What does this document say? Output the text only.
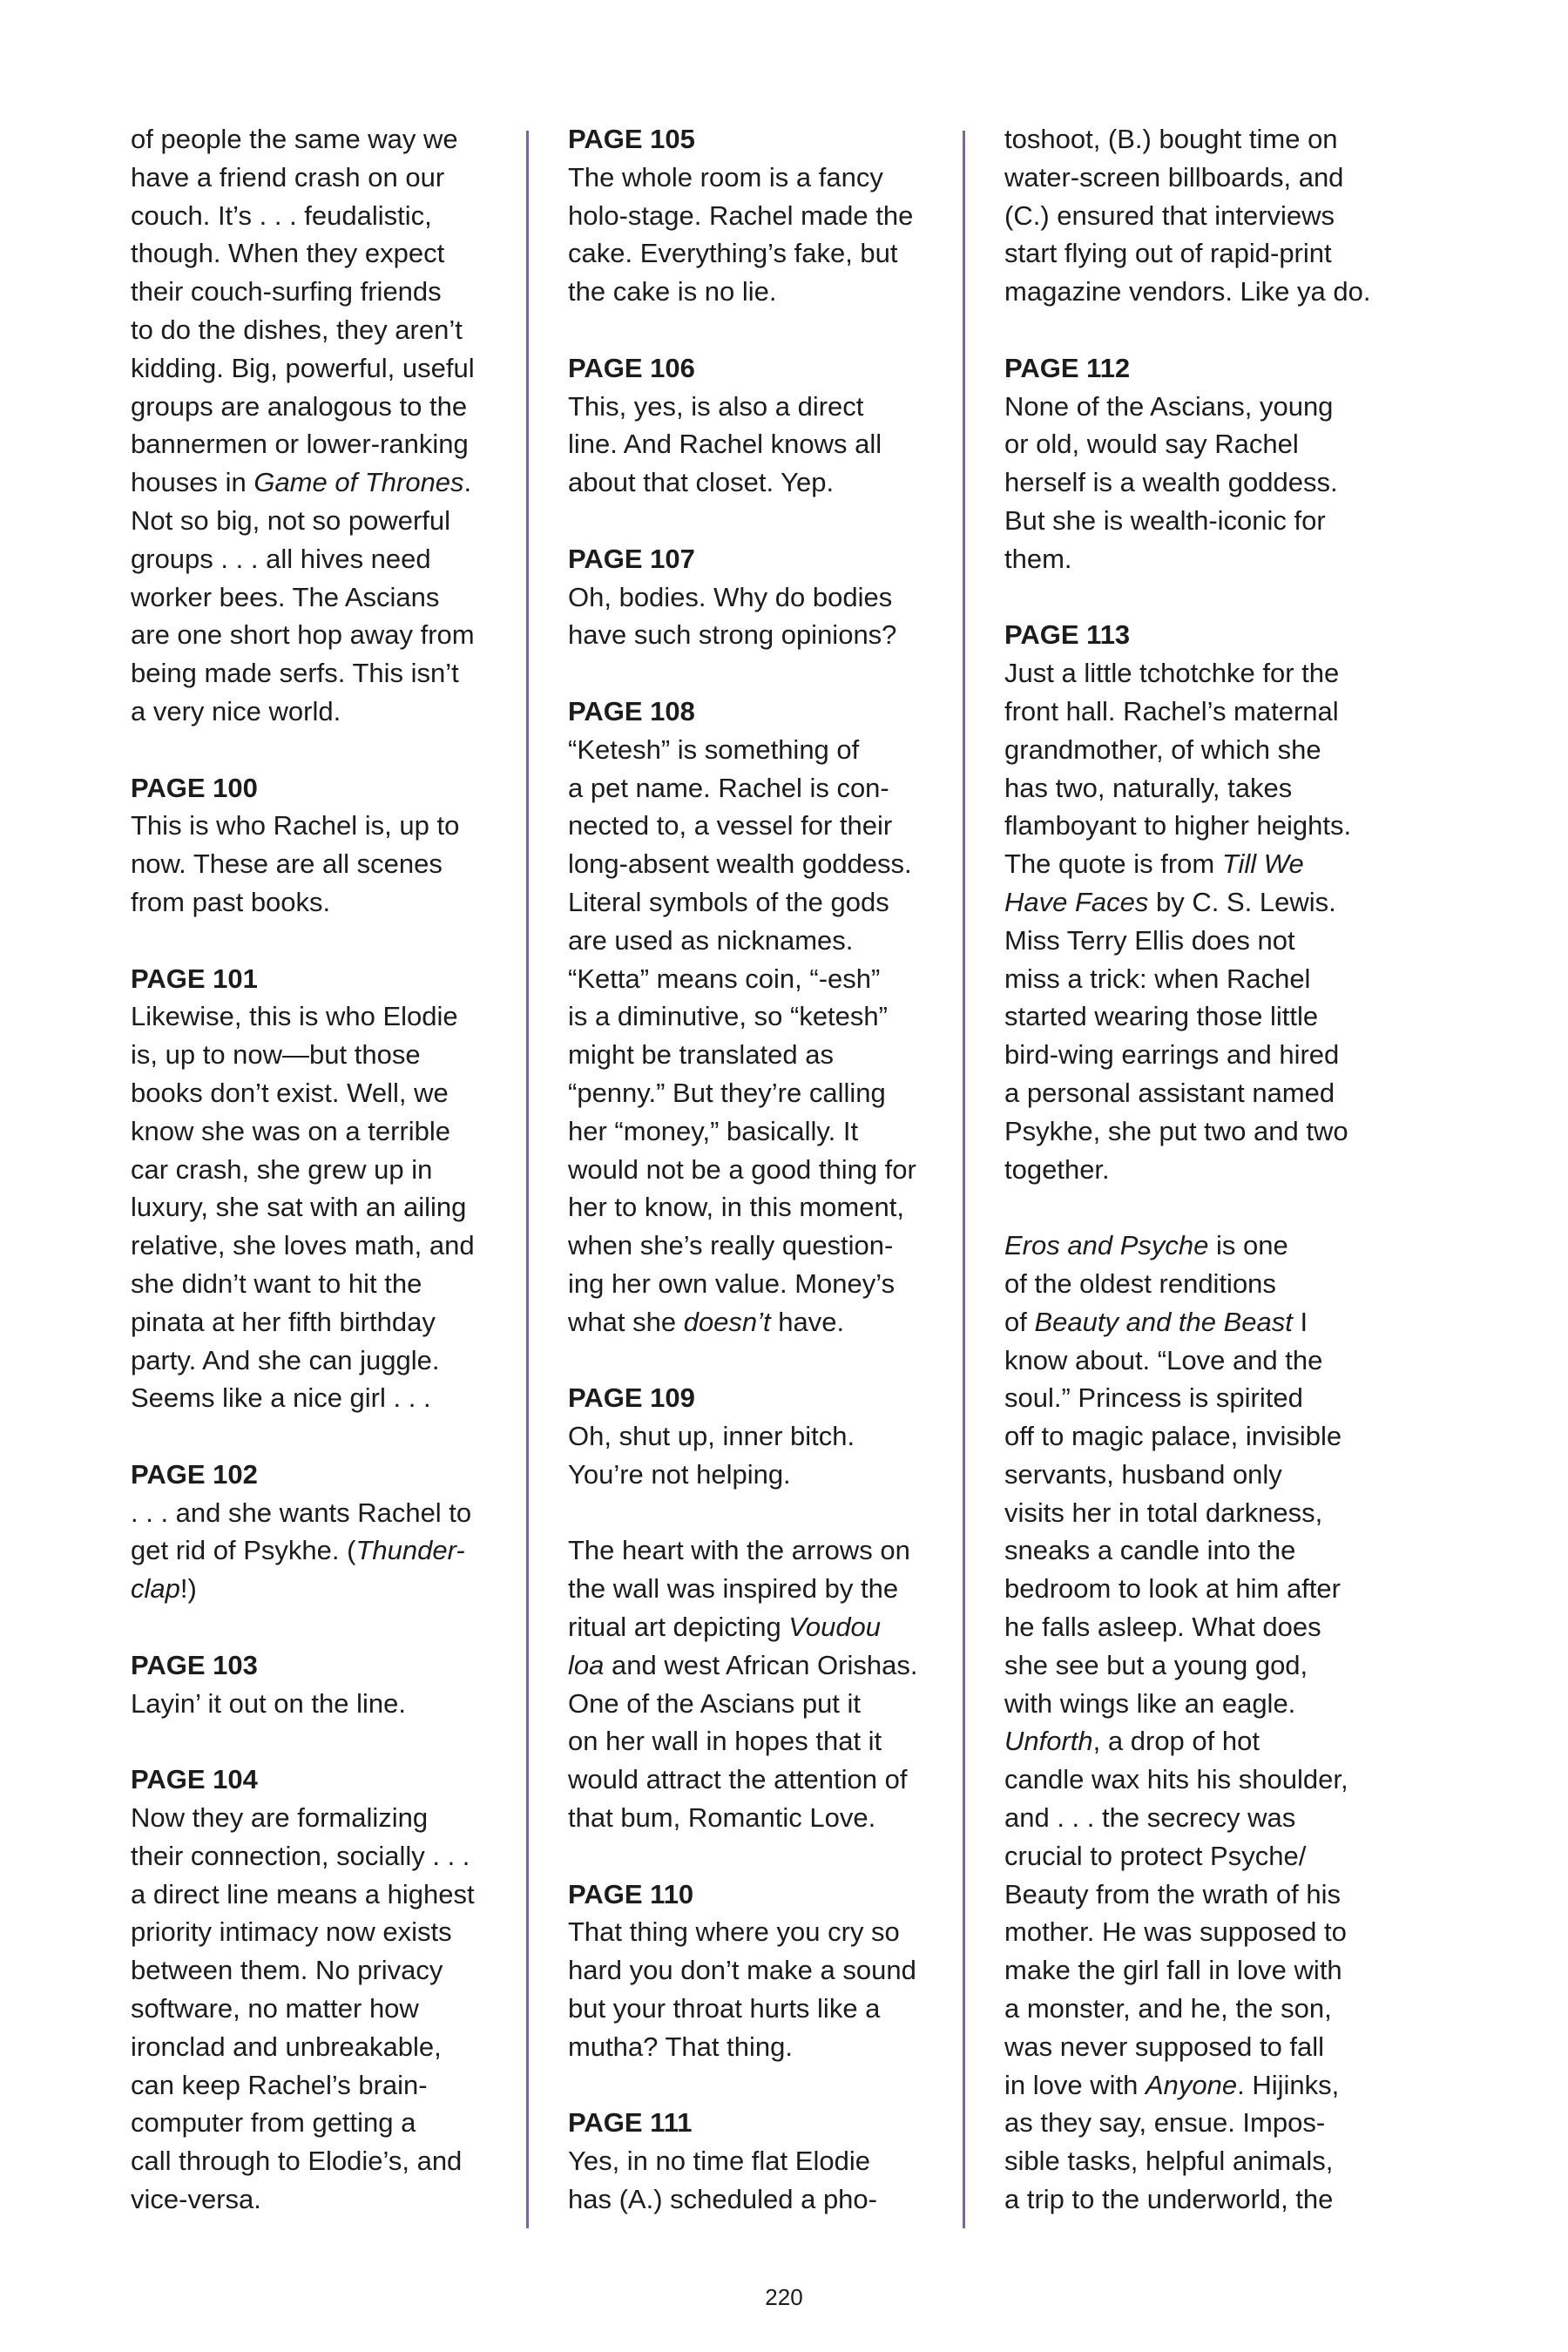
of people the same way we
have a friend crash on our
couch. It’s . . . feudalistic,
though. When they expect
their couch-surfing friends
to do the dishes, they aren’t
kidding. Big, powerful, useful
groups are analogous to the
bannermen or lower-ranking
houses in Game of Thrones.
Not so big, not so powerful
groups . . . all hives need
worker bees. The Ascians
are one short hop away from
being made serfs. This isn’t
a very nice world.
PAGE 100
This is who Rachel is, up to
now. These are all scenes
from past books.
PAGE 101
Likewise, this is who Elodie
is, up to now—but those
books don’t exist. Well, we
know she was on a terrible
car crash, she grew up in
luxury, she sat with an ailing
relative, she loves math, and
she didn’t want to hit the
pinata at her fifth birthday
party. And she can juggle.
Seems like a nice girl . . .
PAGE 102
. . . and she wants Rachel to
get rid of Psykhe. (Thunder-
clap!)
PAGE 103
Layin’ it out on the line.
PAGE 104
Now they are formalizing
their connection, socially . . .
a direct line means a highest
priority intimacy now exists
between them. No privacy
software, no matter how
ironclad and unbreakable,
can keep Rachel’s brain-
computer from getting a
call through to Elodie’s, and
vice-versa.
PAGE 105
The whole room is a fancy
holo-stage. Rachel made the
cake. Everything’s fake, but
the cake is no lie.
PAGE 106
This, yes, is also a direct
line. And Rachel knows all
about that closet. Yep.
PAGE 107
Oh, bodies. Why do bodies
have such strong opinions?
PAGE 108
“Ketesh” is something of
a pet name. Rachel is con-
nected to, a vessel for their
long-absent wealth goddess.
Literal symbols of the gods
are used as nicknames.
“Ketta” means coin, “-esh”
is a diminutive, so “ketesh”
might be translated as
“penny.” But they’re calling
her “money,” basically. It
would not be a good thing for
her to know, in this moment,
when she’s really question-
ing her own value. Money’s
what she doesn’t have.
PAGE 109
Oh, shut up, inner bitch.
You’re not helping.
The heart with the arrows on
the wall was inspired by the
ritual art depicting Voudou
loa and west African Orishas.
One of the Ascians put it
on her wall in hopes that it
would attract the attention of
that bum, Romantic Love.
PAGE 110
That thing where you cry so
hard you don’t make a sound
but your throat hurts like a
mutha? That thing.
PAGE 111
Yes, in no time flat Elodie
has (A.) scheduled a pho-
toshoot, (B.) bought time on
water-screen billboards, and
(C.) ensured that interviews
start flying out of rapid-print
magazine vendors. Like ya do.
PAGE 112
None of the Ascians, young
or old, would say Rachel
herself is a wealth goddess.
But she is wealth-iconic for
them.
PAGE 113
Just a little tchotchke for the
front hall. Rachel’s maternal
grandmother, of which she
has two, naturally, takes
flamboyant to higher heights.
The quote is from Till We
Have Faces by C. S. Lewis.
Miss Terry Ellis does not
miss a trick: when Rachel
started wearing those little
bird-wing earrings and hired
a personal assistant named
Psykhe, she put two and two
together.
Eros and Psyche is one
of the oldest renditions
of Beauty and the Beast I
know about. “Love and the
soul.” Princess is spirited
off to magic palace, invisible
servants, husband only
visits her in total darkness,
sneaks a candle into the
bedroom to look at him after
he falls asleep. What does
she see but a young god,
with wings like an eagle.
Unforth, a drop of hot
candle wax hits his shoulder,
and . . . the secrecy was
crucial to protect Psyche/
Beauty from the wrath of his
mother. He was supposed to
make the girl fall in love with
a monster, and he, the son,
was never supposed to fall
in love with Anyone. Hijinks,
as they say, ensue. Impos-
sible tasks, helpful animals,
a trip to the underworld, the
220
